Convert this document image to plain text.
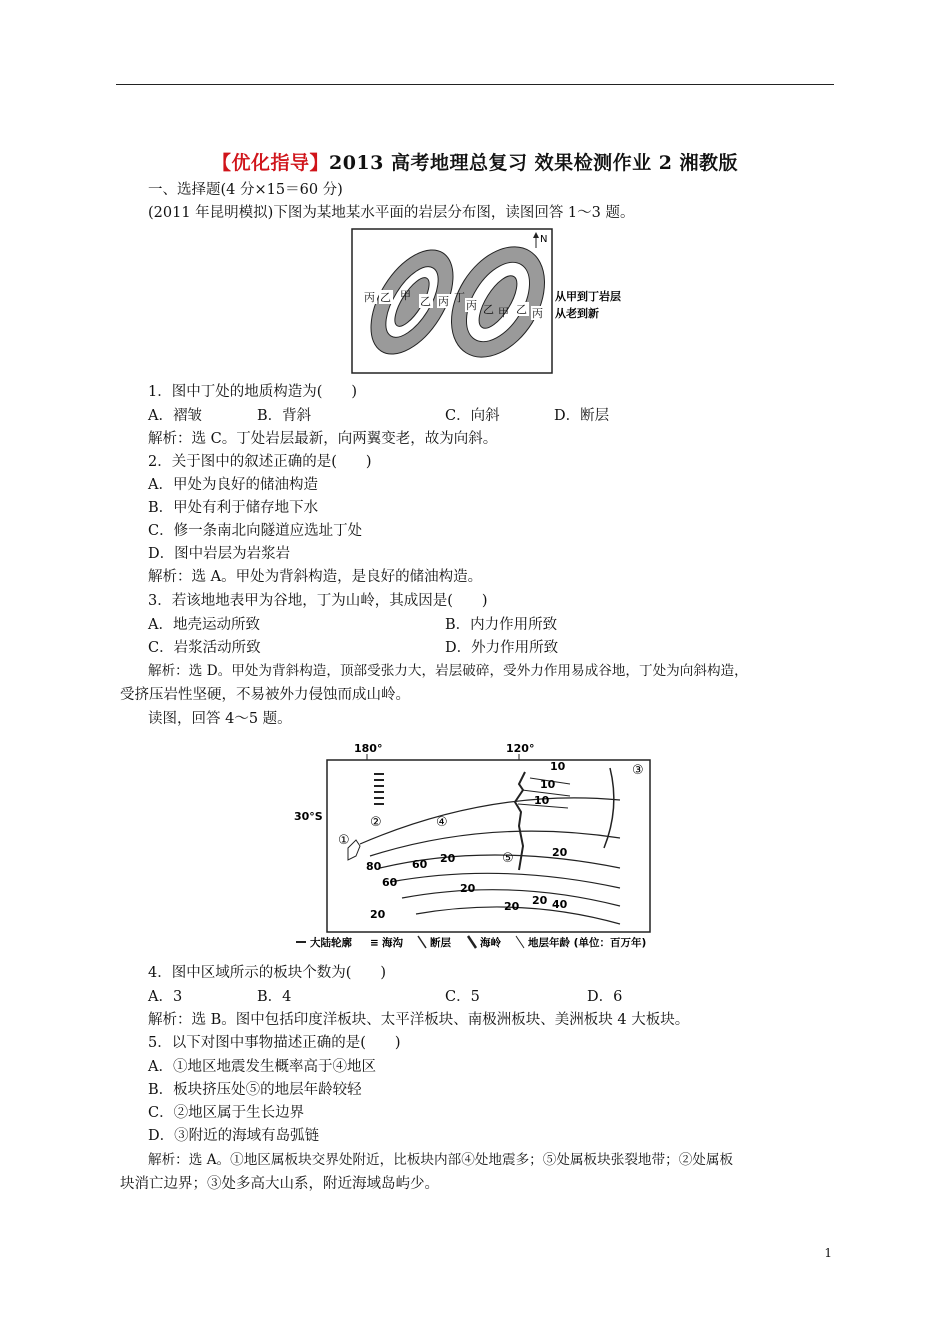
【优化指导】2013 高考地理总复习 效果检测作业 2 湘教版
一、选择题(4 分×15＝60 分)
(2011 年昆明模拟)下图为某地某水平面的岩层分布图，读图回答 1～3 题。
丙 乙 甲 乙 丙 丁
丙 乙 甲 乙 丙
N
从甲到丁岩层
从老到新
1．图中丁处的地质构造为(　　)
A．褶皱	B．背斜	C．向斜	D．断层
解析：选 C。丁处岩层最新，向两翼变老，故为向斜。
2．关于图中的叙述正确的是(　　)
A．甲处为良好的储油构造
B．甲处有利于储存地下水
C．修一条南北向隧道应选址丁处
D．图中岩层为岩浆岩
解析：选 A。甲处为背斜构造，是良好的储油构造。
3．若该地地表甲为谷地，丁为山岭，其成因是(　　)
A．地壳运动所致	B．内力作用所致
C．岩浆活动所致	D．外力作用所致
解析：选 D。甲处为背斜构造，顶部受张力大，岩层破碎，受外力作用易成谷地，丁处为向斜构造，
受挤压岩性坚硬，不易被外力侵蚀而成山岭。
读图，回答 4～5 题。
180°	120°
30°S
①
②
③
④
⑤
10
10
10
20
20
20
20 20
20
40
60
60
80
大陆轮廓 ≡ 海沟	断层	海岭	地层年龄 (单位：百万年)
4．图中区域所示的板块个数为(　　)
A．3	B．4	C．5	D．6
解析：选 B。图中包括印度洋板块、太平洋板块、南极洲板块、美洲板块 4 大板块。
5．以下对图中事物描述正确的是(　　)
A．①地区地震发生概率高于④地区
B．板块挤压处⑤的地层年龄较轻
C．②地区属于生长边界
D．③附近的海域有岛弧链
解析：选 A。①地区属板块交界处附近，比板块内部④处地震多；⑤处属板块张裂地带；②处属板
块消亡边界；③处多高大山系，附近海域岛屿少。
1
